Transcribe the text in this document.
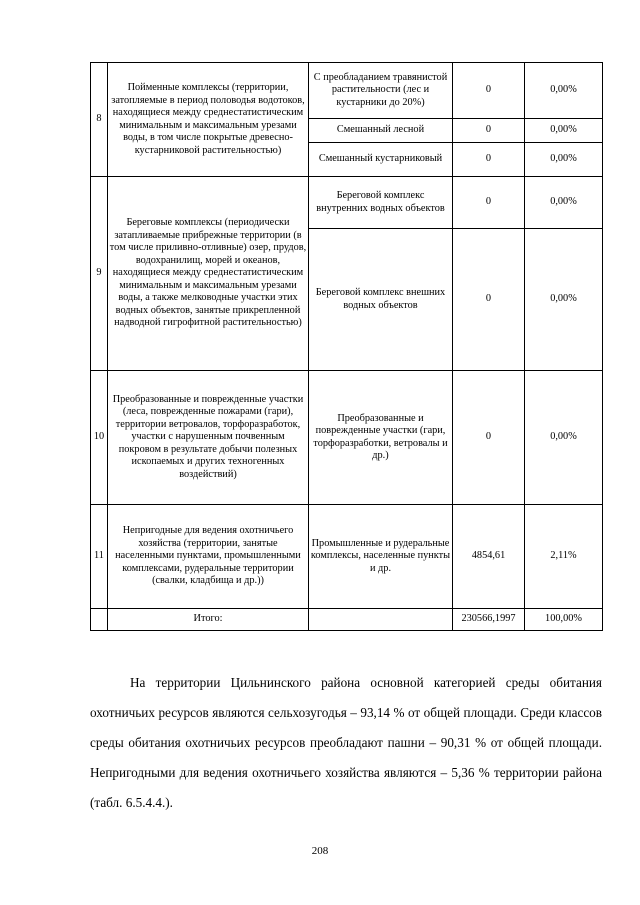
8	Пойменные комплексы (территории, затопляемые в период половодья водотоков, находящиеся между среднестатистическим минимальным и максимальным урезами воды, в том числе покрытые древесно-кустарниковой растительностью)	С преобладанием травянистой растительности (лес и кустарники до 20%)	0	0,00%
		Смешанный лесной	0	0,00%
		Смешанный кустарниковый	0	0,00%
9	Береговые комплексы (периодически затапливаемые прибрежные территории (в том числе приливно-отливные) озер, прудов, водохранилищ, морей и океанов, находящиеся между среднестатистическим минимальным и максимальным урезами воды, а также мелководные участки этих водных объектов, занятые прикрепленной надводной гигрофитной растительностью)	Береговой комплекс внутренних водных объектов	0	0,00%
		Береговой комплекс внешних водных объектов	0	0,00%
10	Преобразованные и поврежденные участки (леса, поврежденные пожарами (гари), территории ветровалов, торфоразработок, участки с нарушенным почвенным покровом в результате добычи полезных ископаемых и других техногенных воздействий)	Преобразованные и поврежденные участки (гари, торфоразработки, ветровалы и др.)	0	0,00%
11	Непригодные для ведения охотничьего хозяйства (территории, занятые населенными пунктами, промышленными комплексами, рудеральные территории (свалки, кладбища и др.))	Промышленные и рудеральные комплексы, населенные пункты и др.	4854,61	2,11%
	Итого:		230566,1997	100,00%

На территории Цильнинского района основной категорией среды обитания охотничьих ресурсов являются сельхозугодья – 93,14 % от общей площади. Среди классов среды обитания охотничьих ресурсов преобладают пашни – 90,31 % от общей площади. Непригодными для ведения охотничьего хозяйства являются – 5,36 % территории района (табл. 6.5.4.4.).

208
